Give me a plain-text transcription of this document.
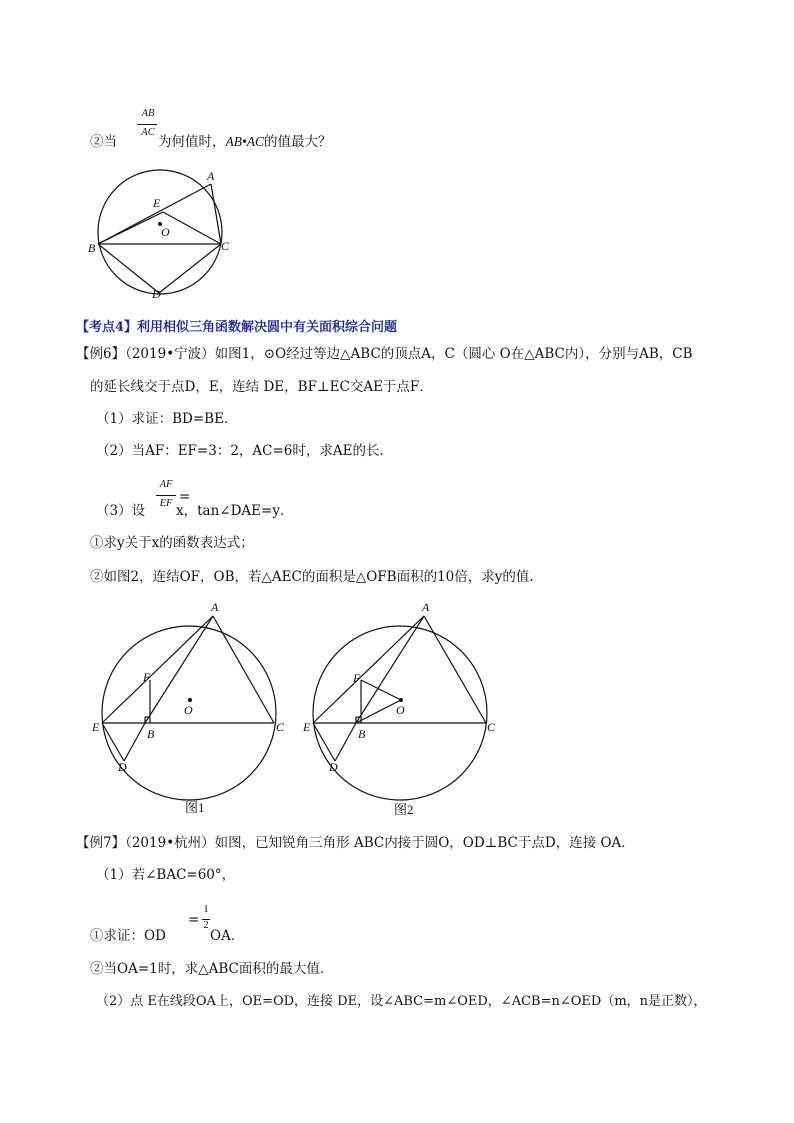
②当
AB
AC
为何值时，AB•AC的值最大？
A
B	C
D
E
O
【考点4】利用相似三角函数解决圆中有关面积综合问题
【例6】（2019•宁波）如图1，⊙O经过等边△ABC的顶点A，C（圆心 O在△ABC内），分别与AB，CB
的延长线交于点D，E，连结 DE，BF⊥EC交AE于点F．
（1）求证：BD=BE．
（2）当AF：EF=3：2，AC=6时，求AE的长．
（3）设
AF
EF =
x，tan∠DAE=y．
①求y关于x的函数表达式；
②如图2，连结OF，OB，若△AEC的面积是△OFB面积的10倍，求y的值．
A
B	C
D
E
F
O
图1
A
B	C
D
E
F
O
图2
【例7】（2019•杭州）如图，已知锐角三角形 ABC内接于圆O，OD⊥BC于点D，连接 OA．
（1）若∠BAC=60°，
①求证：OD
=
1
2
OA．
②当OA=1时，求△ABC面积的最大值．
（2）点 E在线段OA上，OE=OD，连接 DE，设∠ABC=m∠OED，∠ACB=n∠OED（m，n是正数），
